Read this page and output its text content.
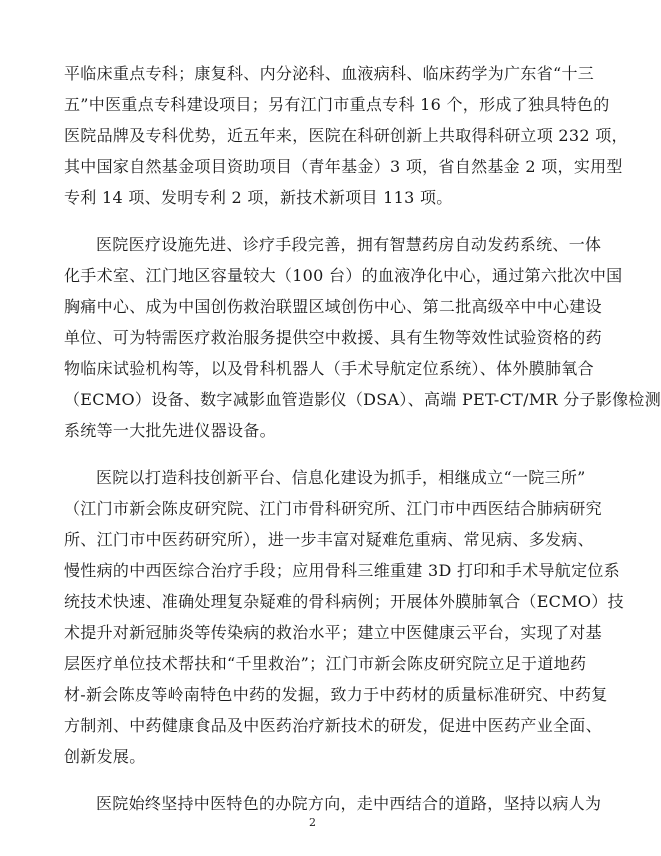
平临床重点专科；康复科、内分泌科、血液病科、临床药学为广东省“十三
五”中医重点专科建设项目；另有江门市重点专科 16 个，形成了独具特色的
医院品牌及专科优势，近五年来，医院在科研创新上共取得科研立项 232 项，
其中国家自然基金项目资助项目（青年基金）3 项，省自然基金 2 项，实用型
专利 14 项、发明专利 2 项，新技术新项目 113 项。
医院医疗设施先进、诊疗手段完善，拥有智慧药房自动发药系统、一体
化手术室、江门地区容量较大（100 台）的血液净化中心，通过第六批次中国
胸痛中心、成为中国创伤救治联盟区域创伤中心、第二批高级卒中中心建设
单位、可为特需医疗救治服务提供空中救援、具有生物等效性试验资格的药
物临床试验机构等，以及骨科机器人（手术导航定位系统）、体外膜肺氧合
（ECMO）设备、数字减影血管造影仪（DSA）、高端 PET-CT/MR 分子影像检测
系统等一大批先进仪器设备。
医院以打造科技创新平台、信息化建设为抓手，相继成立“一院三所”
（江门市新会陈皮研究院、江门市骨科研究所、江门市中西医结合肺病研究
所、江门市中医药研究所），进一步丰富对疑难危重病、常见病、多发病、
慢性病的中西医综合治疗手段；应用骨科三维重建 3D 打印和手术导航定位系
统技术快速、准确处理复杂疑难的骨科病例；开展体外膜肺氧合（ECMO）技
术提升对新冠肺炎等传染病的救治水平；建立中医健康云平台，实现了对基
层医疗单位技术帮扶和“千里救治”；江门市新会陈皮研究院立足于道地药
材-新会陈皮等岭南特色中药的发掘，致力于中药材的质量标准研究、中药复
方制剂、中药健康食品及中医药治疗新技术的研发，促进中医药产业全面、
创新发展。
医院始终坚持中医特色的办院方向，走中西结合的道路，坚持以病人为
2
